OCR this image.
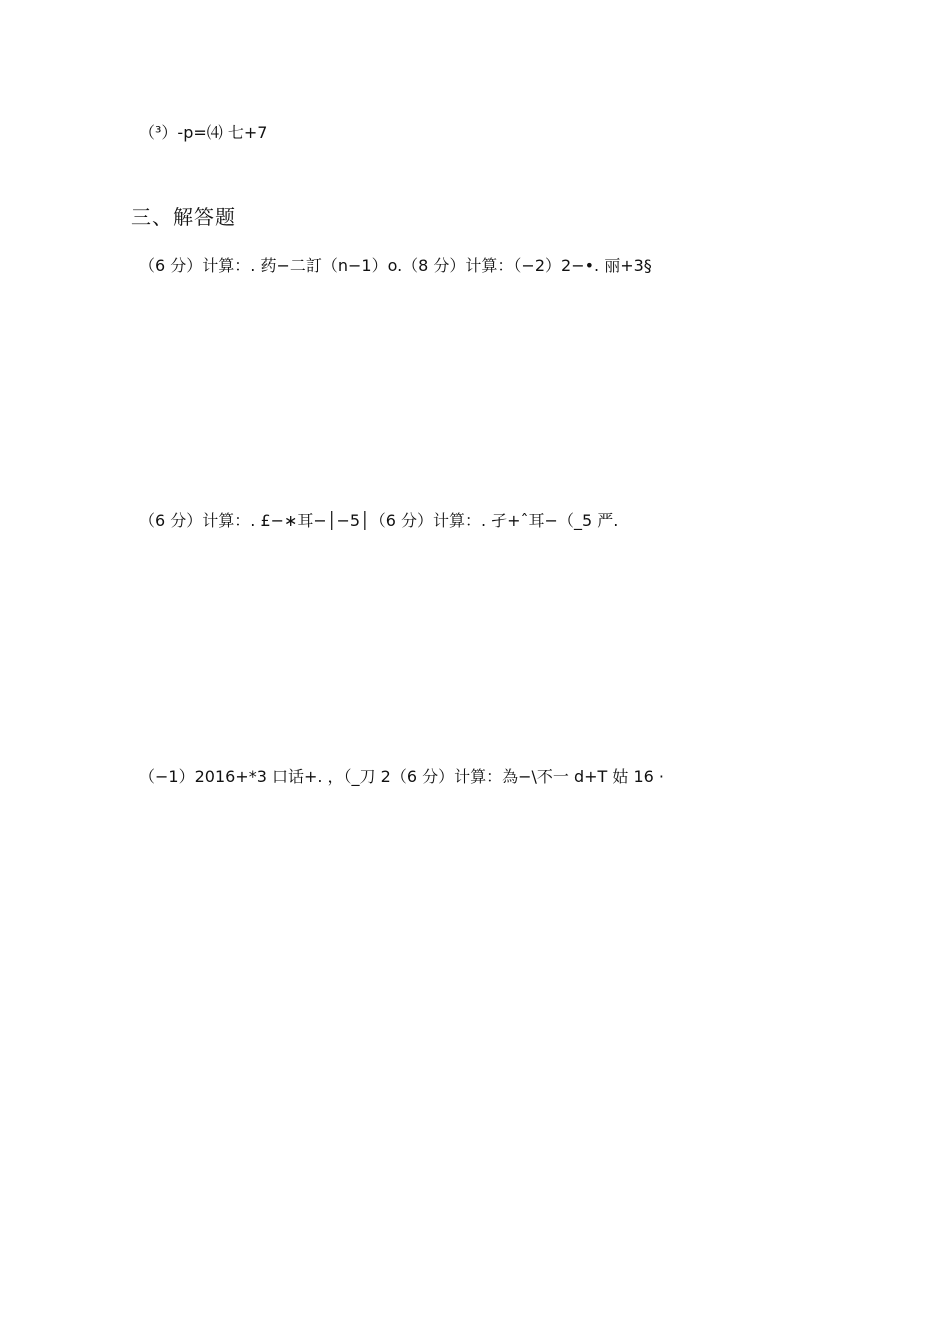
（³）-p=⑷ 七+7
三、解答题
（6 分）计算：. 药−二訂（n−1）o.（8 分）计算：（−2）2−•. 丽+3§
（6 分）计算：. £−∗耳−│−5│（6 分）计算：. 孑+ˆ耳−（_5 严.
（−1）2016+*3 口话+. ，（_刀 2（6 分）计算：為−\不一 d+T 姑 16 ·
